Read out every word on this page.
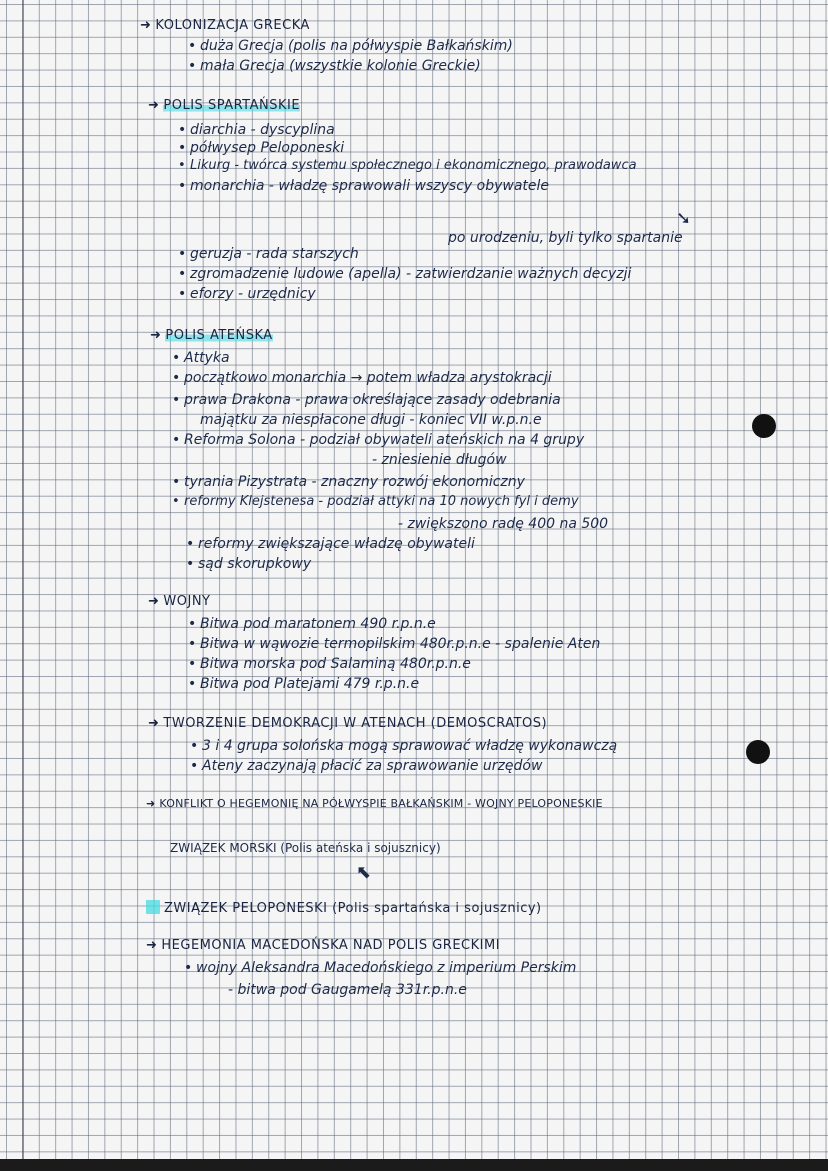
➜ KOLONIZACJA GRECKA
• duża Grecja (polis na półwyspie Bałkańskim)
• mała Grecja (wszystkie kolonie Greckie)
➜ POLIS SPARTAŃSKIE
• diarchia - dyscyplina
• półwysep Peloponeski
• Likurg - twórca systemu społecznego i ekonomicznego, prawodawca
• monarchia - władzę sprawowali wszyscy obywatele
➘
po urodzeniu, byli tylko spartanie
• geruzja - rada starszych
• zgromadzenie ludowe (apella) - zatwierdzanie ważnych decyzji
• eforzy - urzędnicy
➜ POLIS ATEŃSKA
• Attyka
• początkowo monarchia → potem władza arystokracji
• prawa Drakona - prawa określające zasady odebrania
majątku za niespłacone długi - koniec VII w.p.n.e
• Reforma Solona - podział obywateli ateńskich na 4 grupy
- zniesienie długów
• tyrania Pizystrata - znaczny rozwój ekonomiczny
• reformy Klejstenesa - podział attyki na 10 nowych fyl i demy
- zwiększono radę 400 na 500
• reformy zwiększające władzę obywateli
• sąd skorupkowy
➜ WOJNY
• Bitwa pod maratonem 490 r.p.n.e
• Bitwa w wąwozie termopilskim 480r.p.n.e - spalenie Aten
• Bitwa morska pod Salaminą 480r.p.n.e
• Bitwa pod Platejami 479 r.p.n.e
➜ TWORZENIE DEMOKRACJI W ATENACH (DEMOSCRATOS)
• 3 i 4 grupa solońska mogą sprawować władzę wykonawczą
• Ateny zaczynają płacić za sprawowanie urzędów
➜ KONFLIKT O HEGEMONIĘ NA PÓŁWYSPIE BAŁKAŃSKIM - WOJNY PELOPONESKIE
ZWIĄZEK MORSKI (Polis ateńska i sojusznicy)
⬉
ZWIĄZEK PELOPONESKI (Polis spartańska i sojusznicy)
➜ HEGEMONIA MACEDOŃSKA NAD POLIS GRECKIMI
• wojny Aleksandra Macedońskiego z imperium Perskim
- bitwa pod Gaugamelą 331r.p.n.e
